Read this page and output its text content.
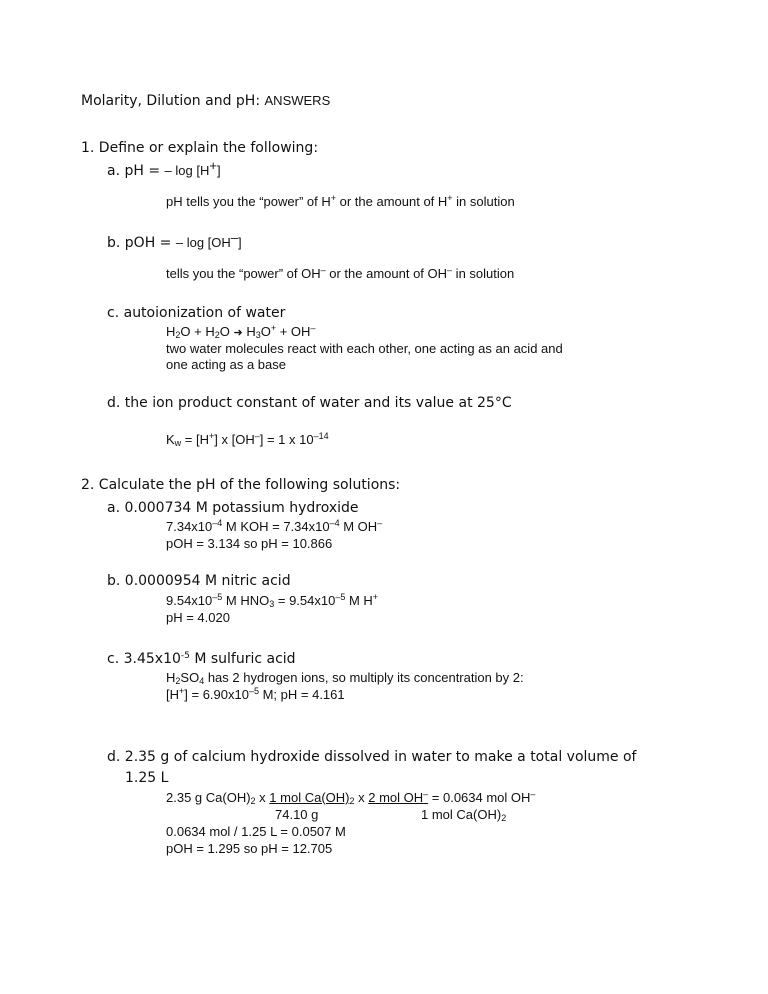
Molarity, Dilution and pH: ANSWERS
1. Define or explain the following:
a. pH = – log [H+]
pH tells you the “power” of H+ or the amount of H+ in solution
b. pOH = – log [OH–]
tells you the “power” of OH– or the amount of OH– in solution
c. autoionization of water
$H_2O + H_2O$ ➜ $H_3O^+ + OH^-$
two water molecules react with each other, one acting as an acid and
one acting as a base
d. the ion product constant of water and its value at 25°C
$K_w = [H^+]$ x [OH–] = 1 x $10^{-14}$
2. Calculate the pH of the following solutions:
a. 0.000734 M potassium hydroxide
$7.34x10^{-4}$ M KOH = $7.34x10^{-4}$ M OH–
pOH = 3.134 so pH = 10.866
b. 0.0000954 M nitric acid
$9.54x10^{-5}$ M $HNO_3 = 9.54x10^{-5}$ M H+
pH = 4.020
c. $3.45x10^{-5}$ M sulfuric acid
$H_2SO_4$ has 2 hydrogen ions, so multiply its concentration by 2:
$[H^+] = 6.90x10^{-5}$ M; pH = 4.161
d. 2.35 g of calcium hydroxide dissolved in water to make a total volume of
1.25 L
2.35 g $Ca(OH)_2$ x 1 mol $Ca(OH)_2$ x 2 mol OH– = 0.0634 mol OH–
74.10 g	1 mol $Ca(OH)_2$
0.0634 mol / 1.25 L = 0.0507 M
pOH = 1.295 so pH = 12.705
